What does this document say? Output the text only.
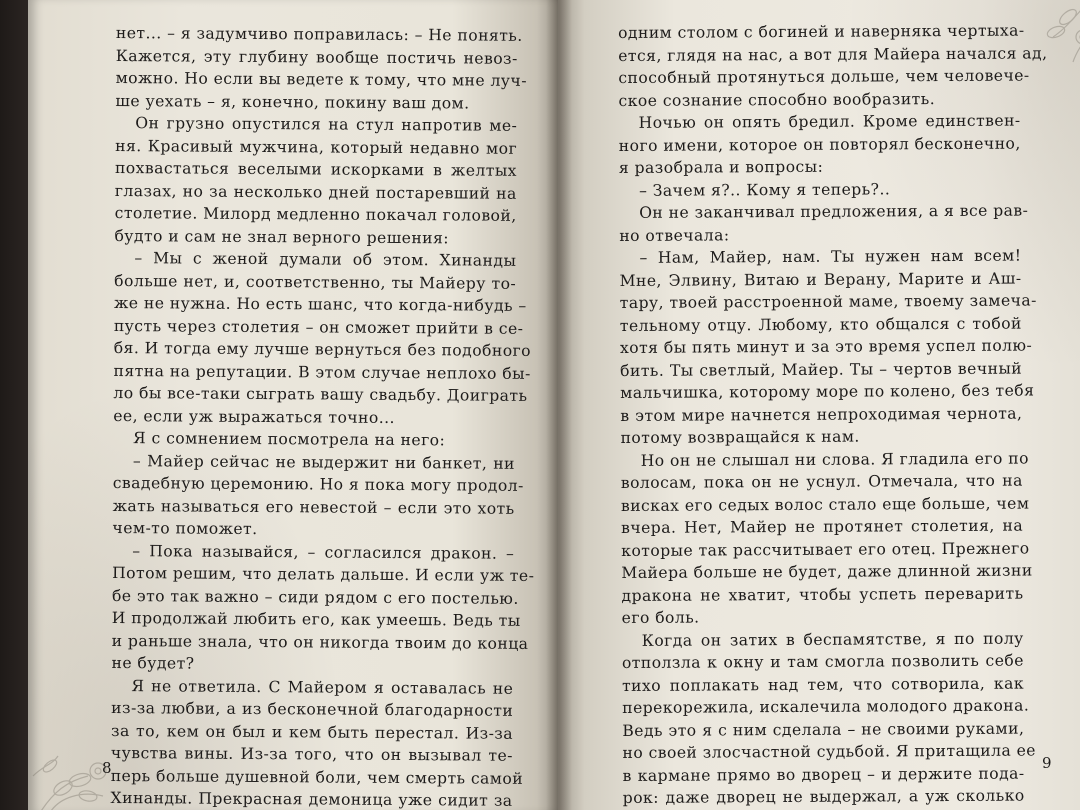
нет... – я задумчиво поправилась: – Не понять.
Кажется, эту глубину вообще постичь невоз-
можно. Но если вы ведете к тому, что мне луч-
ше уехать – я, конечно, покину ваш дом.
Он грузно опустился на стул напротив ме-
ня. Красивый мужчина, который недавно мог
похвастаться веселыми искорками в желтых
глазах, но за несколько дней постаревший на
столетие. Милорд медленно покачал головой,
будто и сам не знал верного решения:
– Мы с женой думали об этом. Хинанды
больше нет, и, соответственно, ты Майеру то-
же не нужна. Но есть шанс, что когда-нибудь –
пусть через столетия – он сможет прийти в се-
бя. И тогда ему лучше вернуться без подобного
пятна на репутации. В этом случае неплохо бы-
ло бы все-таки сыграть вашу свадьбу. Доиграть
ее, если уж выражаться точно...
Я с сомнением посмотрела на него:
– Майер сейчас не выдержит ни банкет, ни
свадебную церемонию. Но я пока могу продол-
жать называться его невестой – если это хоть
чем-то поможет.
– Пока называйся, – согласился дракон. –
Потом решим, что делать дальше. И если уж те-
бе это так важно – сиди рядом с его постелью.
И продолжай любить его, как умеешь. Ведь ты
и раньше знала, что он никогда твоим до конца
не будет?
Я не ответила. С Майером я оставалась не
из-за любви, а из бесконечной благодарности
за то, кем он был и кем быть перестал. Из-за
чувства вины. Из-за того, что он вызывал те-
перь больше душевной боли, чем смерть самой
Хинанды. Прекрасная демоница уже сидит за
8
одним столом с богиней и наверняка чертыха-
ется, глядя на нас, а вот для Майера начался ад,
способный протянуться дольше, чем человече-
ское сознание способно вообразить.
Ночью он опять бредил. Кроме единствен-
ного имени, которое он повторял бесконечно,
я разобрала и вопросы:
– Зачем я?.. Кому я теперь?..
Он не заканчивал предложения, а я все рав-
но отвечала:
– Нам, Майер, нам. Ты нужен нам всем!
Мне, Элвину, Витаю и Верану, Марите и Аш-
тару, твоей расстроенной маме, твоему замеча-
тельному отцу. Любому, кто общался с тобой
хотя бы пять минут и за это время успел полю-
бить. Ты светлый, Майер. Ты – чертов вечный
мальчишка, которому море по колено, без тебя
в этом мире начнется непроходимая чернота,
потому возвращайся к нам.
Но он не слышал ни слова. Я гладила его по
волосам, пока он не уснул. Отмечала, что на
висках его седых волос стало еще больше, чем
вчера. Нет, Майер не протянет столетия, на
которые так рассчитывает его отец. Прежнего
Майера больше не будет, даже длинной жизни
дракона не хватит, чтобы успеть переварить
его боль.
Когда он затих в беспамятстве, я по полу
отползла к окну и там смогла позволить себе
тихо поплакать над тем, что сотворила, как
перекорежила, искалечила молодого дракона.
Ведь это я с ним сделала – не своими руками,
но своей злосчастной судьбой. Я притащила ее
в кармане прямо во дворец – и держите пода-
рок: даже дворец не выдержал, а уж сколько
9
